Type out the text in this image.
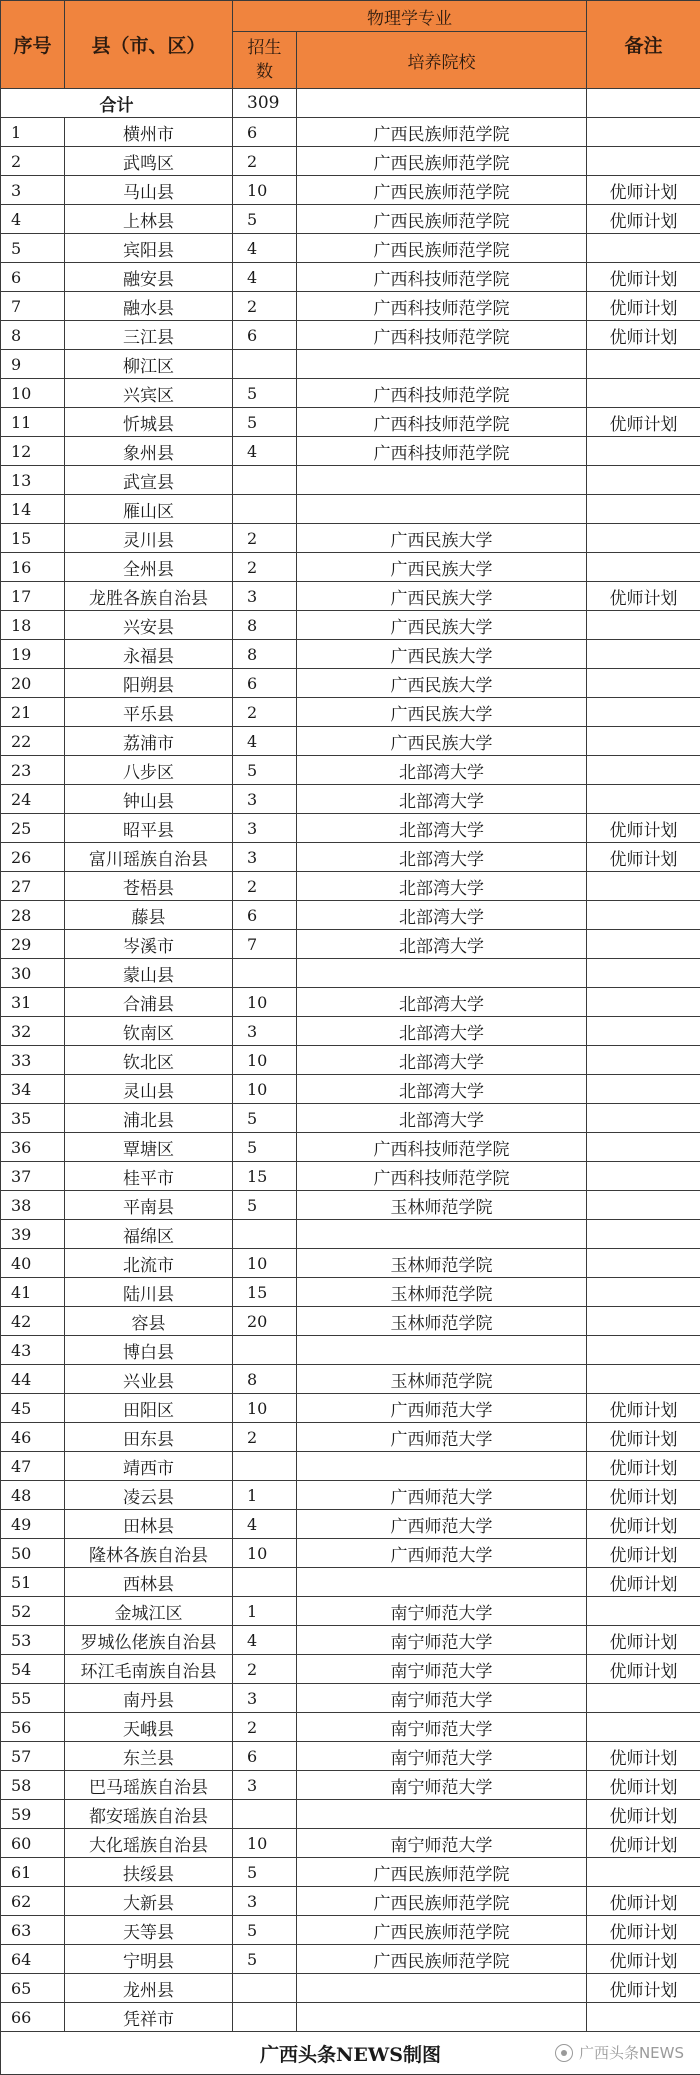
序号	县（市、区）	物理学专业		备注
		招生数	培养院校	
合计		309		
1	横州市	6	广西民族师范学院	
2	武鸣区	2	广西民族师范学院	
3	马山县	10	广西民族师范学院	优师计划
4	上林县	5	广西民族师范学院	优师计划
5	宾阳县	4	广西民族师范学院	
6	融安县	4	广西科技师范学院	优师计划
7	融水县	2	广西科技师范学院	优师计划
8	三江县	6	广西科技师范学院	优师计划
9	柳江区			
10	兴宾区	5	广西科技师范学院	
11	忻城县	5	广西科技师范学院	优师计划
12	象州县	4	广西科技师范学院	
13	武宣县			
14	雁山区			
15	灵川县	2	广西民族大学	
16	全州县	2	广西民族大学	
17	龙胜各族自治县	3	广西民族大学	优师计划
18	兴安县	8	广西民族大学	
19	永福县	8	广西民族大学	
20	阳朔县	6	广西民族大学	
21	平乐县	2	广西民族大学	
22	荔浦市	4	广西民族大学	
23	八步区	5	北部湾大学	
24	钟山县	3	北部湾大学	
25	昭平县	3	北部湾大学	优师计划
26	富川瑶族自治县	3	北部湾大学	优师计划
27	苍梧县	2	北部湾大学	
28	藤县	6	北部湾大学	
29	岑溪市	7	北部湾大学	
30	蒙山县			
31	合浦县	10	北部湾大学	
32	钦南区	3	北部湾大学	
33	钦北区	10	北部湾大学	
34	灵山县	10	北部湾大学	
35	浦北县	5	北部湾大学	
36	覃塘区	5	广西科技师范学院	
37	桂平市	15	广西科技师范学院	
38	平南县	5	玉林师范学院	
39	福绵区			
40	北流市	10	玉林师范学院	
41	陆川县	15	玉林师范学院	
42	容县	20	玉林师范学院	
43	博白县			
44	兴业县	8	玉林师范学院	
45	田阳区	10	广西师范大学	优师计划
46	田东县	2	广西师范大学	优师计划
47	靖西市			优师计划
48	凌云县	1	广西师范大学	优师计划
49	田林县	4	广西师范大学	优师计划
50	隆林各族自治县	10	广西师范大学	优师计划
51	西林县			优师计划
52	金城江区	1	南宁师范大学	
53	罗城仫佬族自治县	4	南宁师范大学	优师计划
54	环江毛南族自治县	2	南宁师范大学	优师计划
55	南丹县	3	南宁师范大学	
56	天峨县	2	南宁师范大学	
57	东兰县	6	南宁师范大学	优师计划
58	巴马瑶族自治县	3	南宁师范大学	优师计划
59	都安瑶族自治县			优师计划
60	大化瑶族自治县	10	南宁师范大学	优师计划
61	扶绥县	5	广西民族师范学院	
62	大新县	3	广西民族师范学院	优师计划
63	天等县	5	广西民族师范学院	优师计划
64	宁明县	5	广西民族师范学院	优师计划
65	龙州县			优师计划
66	凭祥市			
广西头条NEWS制图 广西头条NEWS				
